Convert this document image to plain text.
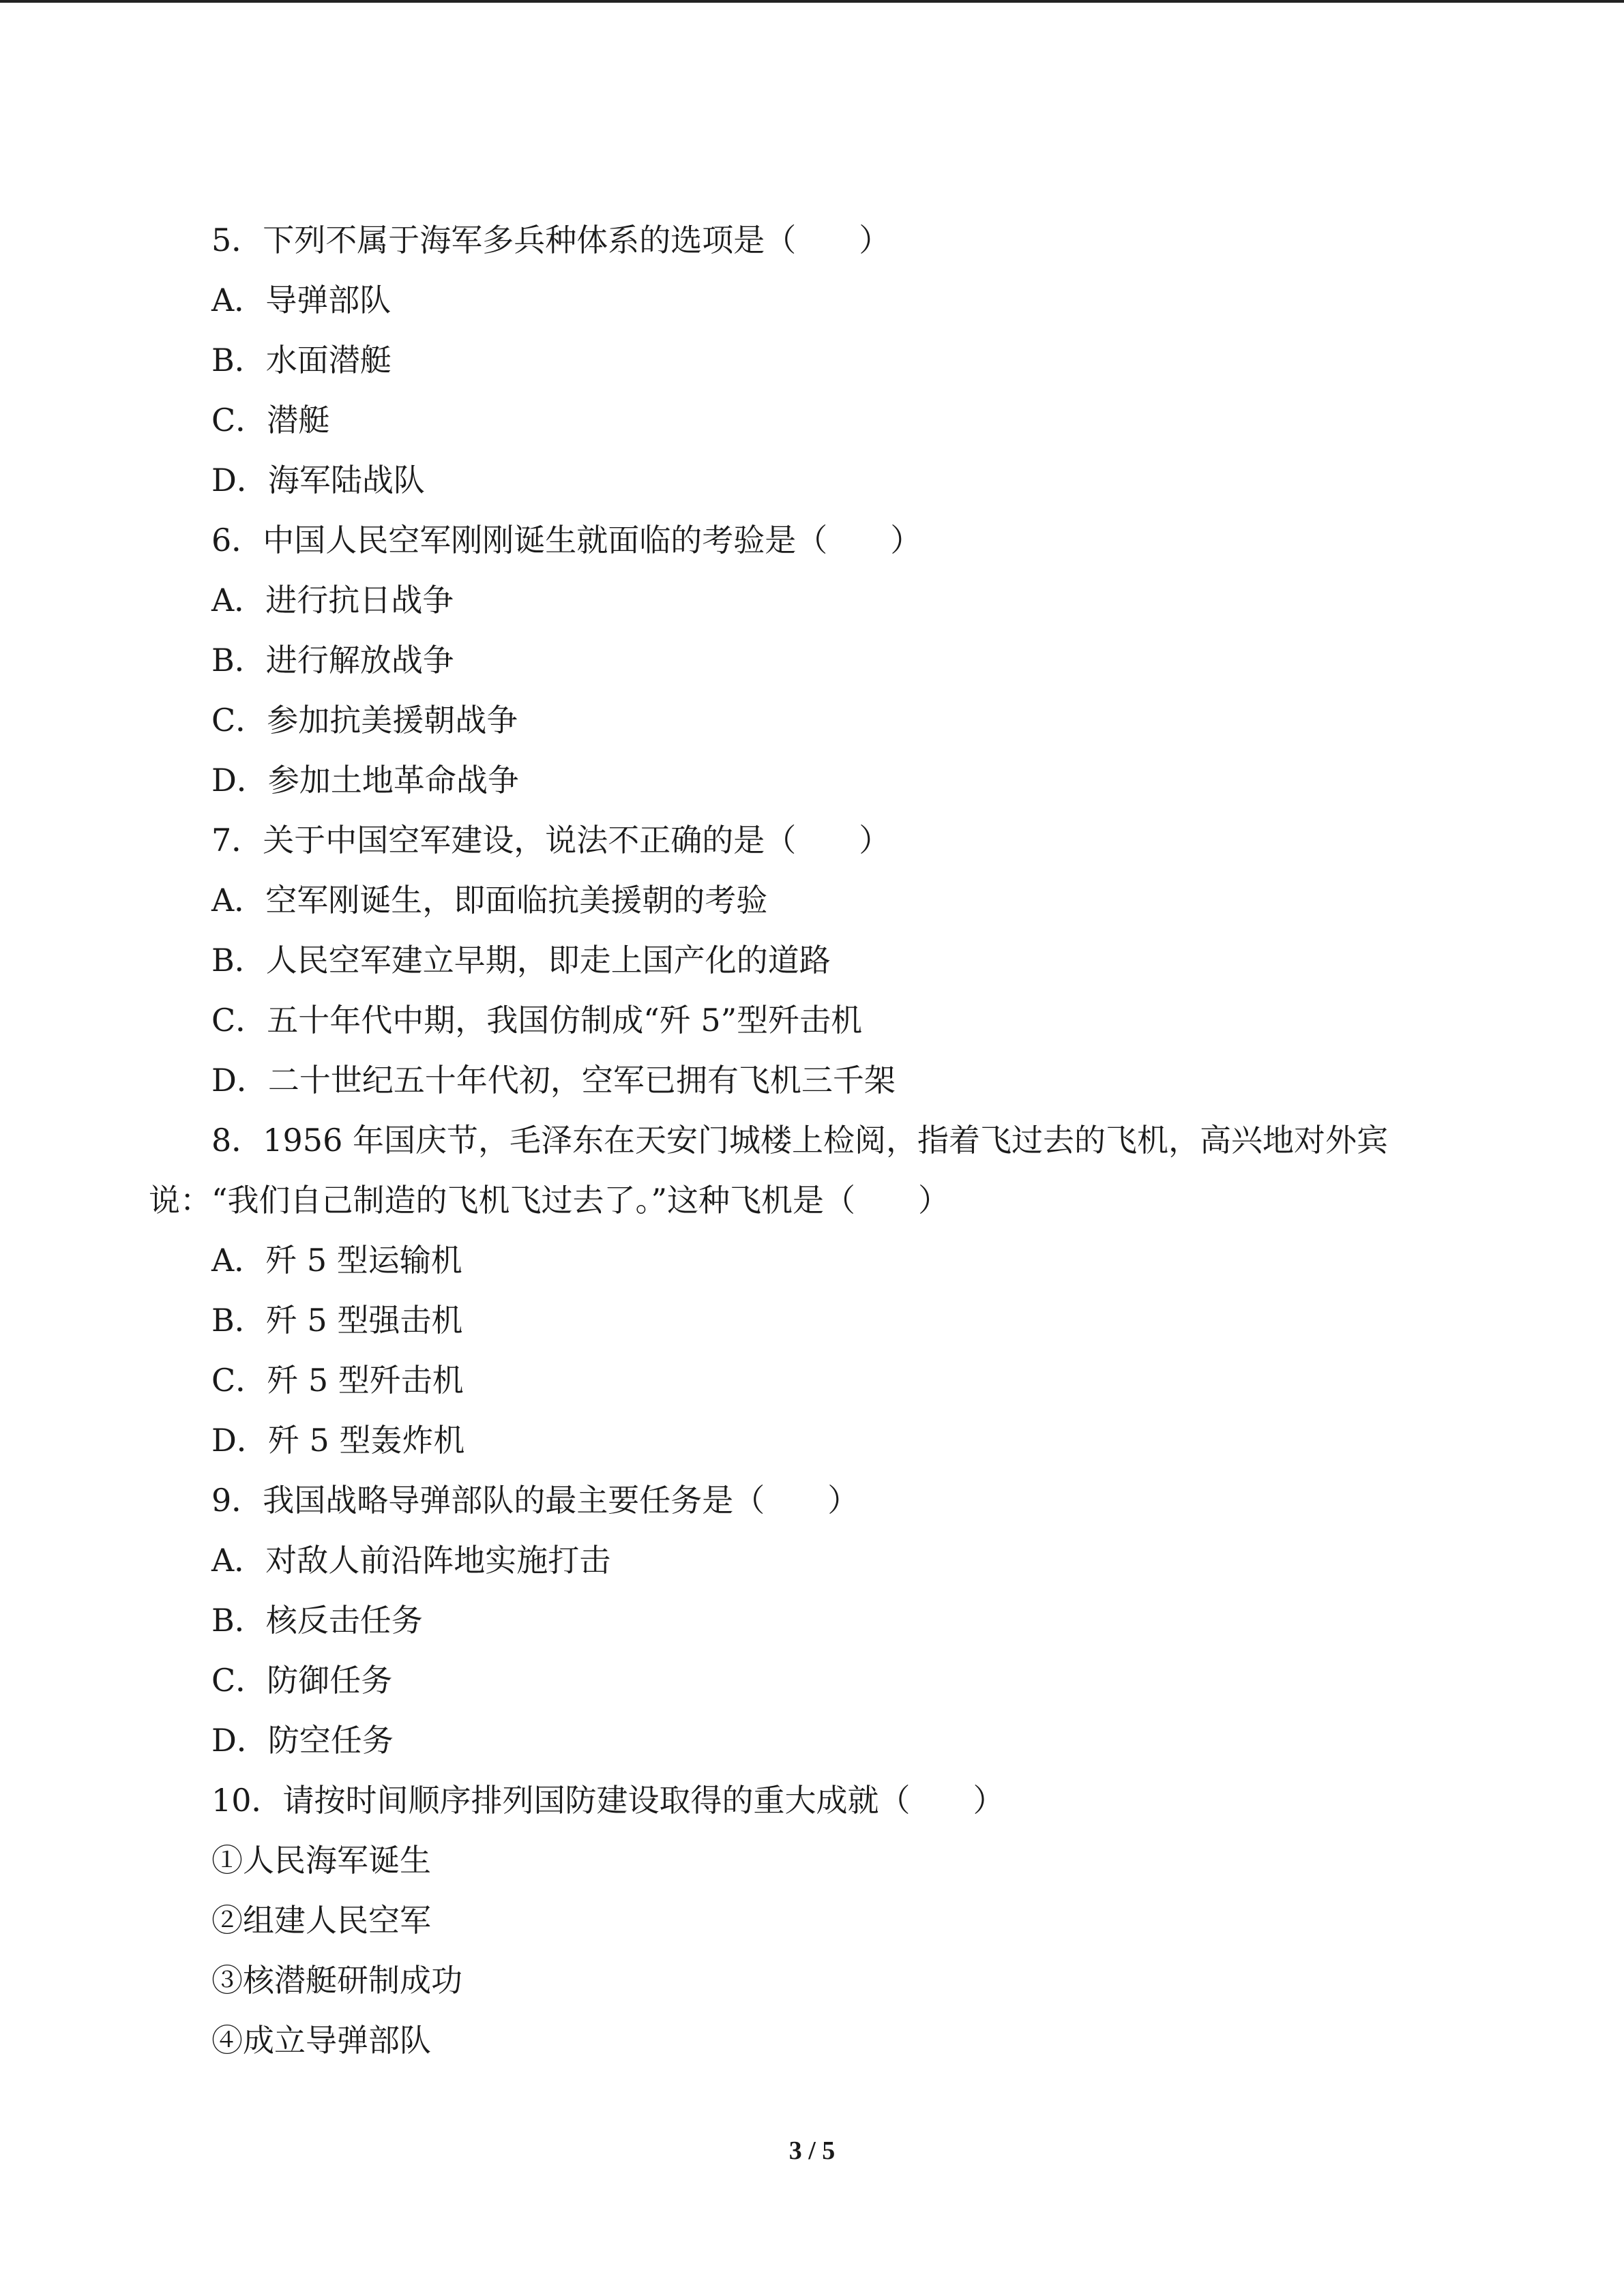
5．下列不属于海军多兵种体系的选项是（　　）
A．导弹部队
B．水面潜艇
C．潜艇
D．海军陆战队
6．中国人民空军刚刚诞生就面临的考验是（　　）
A．进行抗日战争
B．进行解放战争
C．参加抗美援朝战争
D．参加土地革命战争
7．关于中国空军建设，说法不正确的是（　　）
A．空军刚诞生，即面临抗美援朝的考验
B．人民空军建立早期，即走上国产化的道路
C．五十年代中期，我国仿制成“歼 5”型歼击机
D．二十世纪五十年代初，空军已拥有飞机三千架
8．1956 年国庆节，毛泽东在天安门城楼上检阅，指着飞过去的飞机，高兴地对外宾
说：“我们自己制造的飞机飞过去了。”这种飞机是（　　）
A．歼 5 型运输机
B．歼 5 型强击机
C．歼 5 型歼击机
D．歼 5 型轰炸机
9．我国战略导弹部队的最主要任务是（　　）
A．对敌人前沿阵地实施打击
B．核反击任务
C．防御任务
D．防空任务
10．请按时间顺序排列国防建设取得的重大成就（　　）
①人民海军诞生
②组建人民空军
③核潜艇研制成功
④成立导弹部队
3 / 5
